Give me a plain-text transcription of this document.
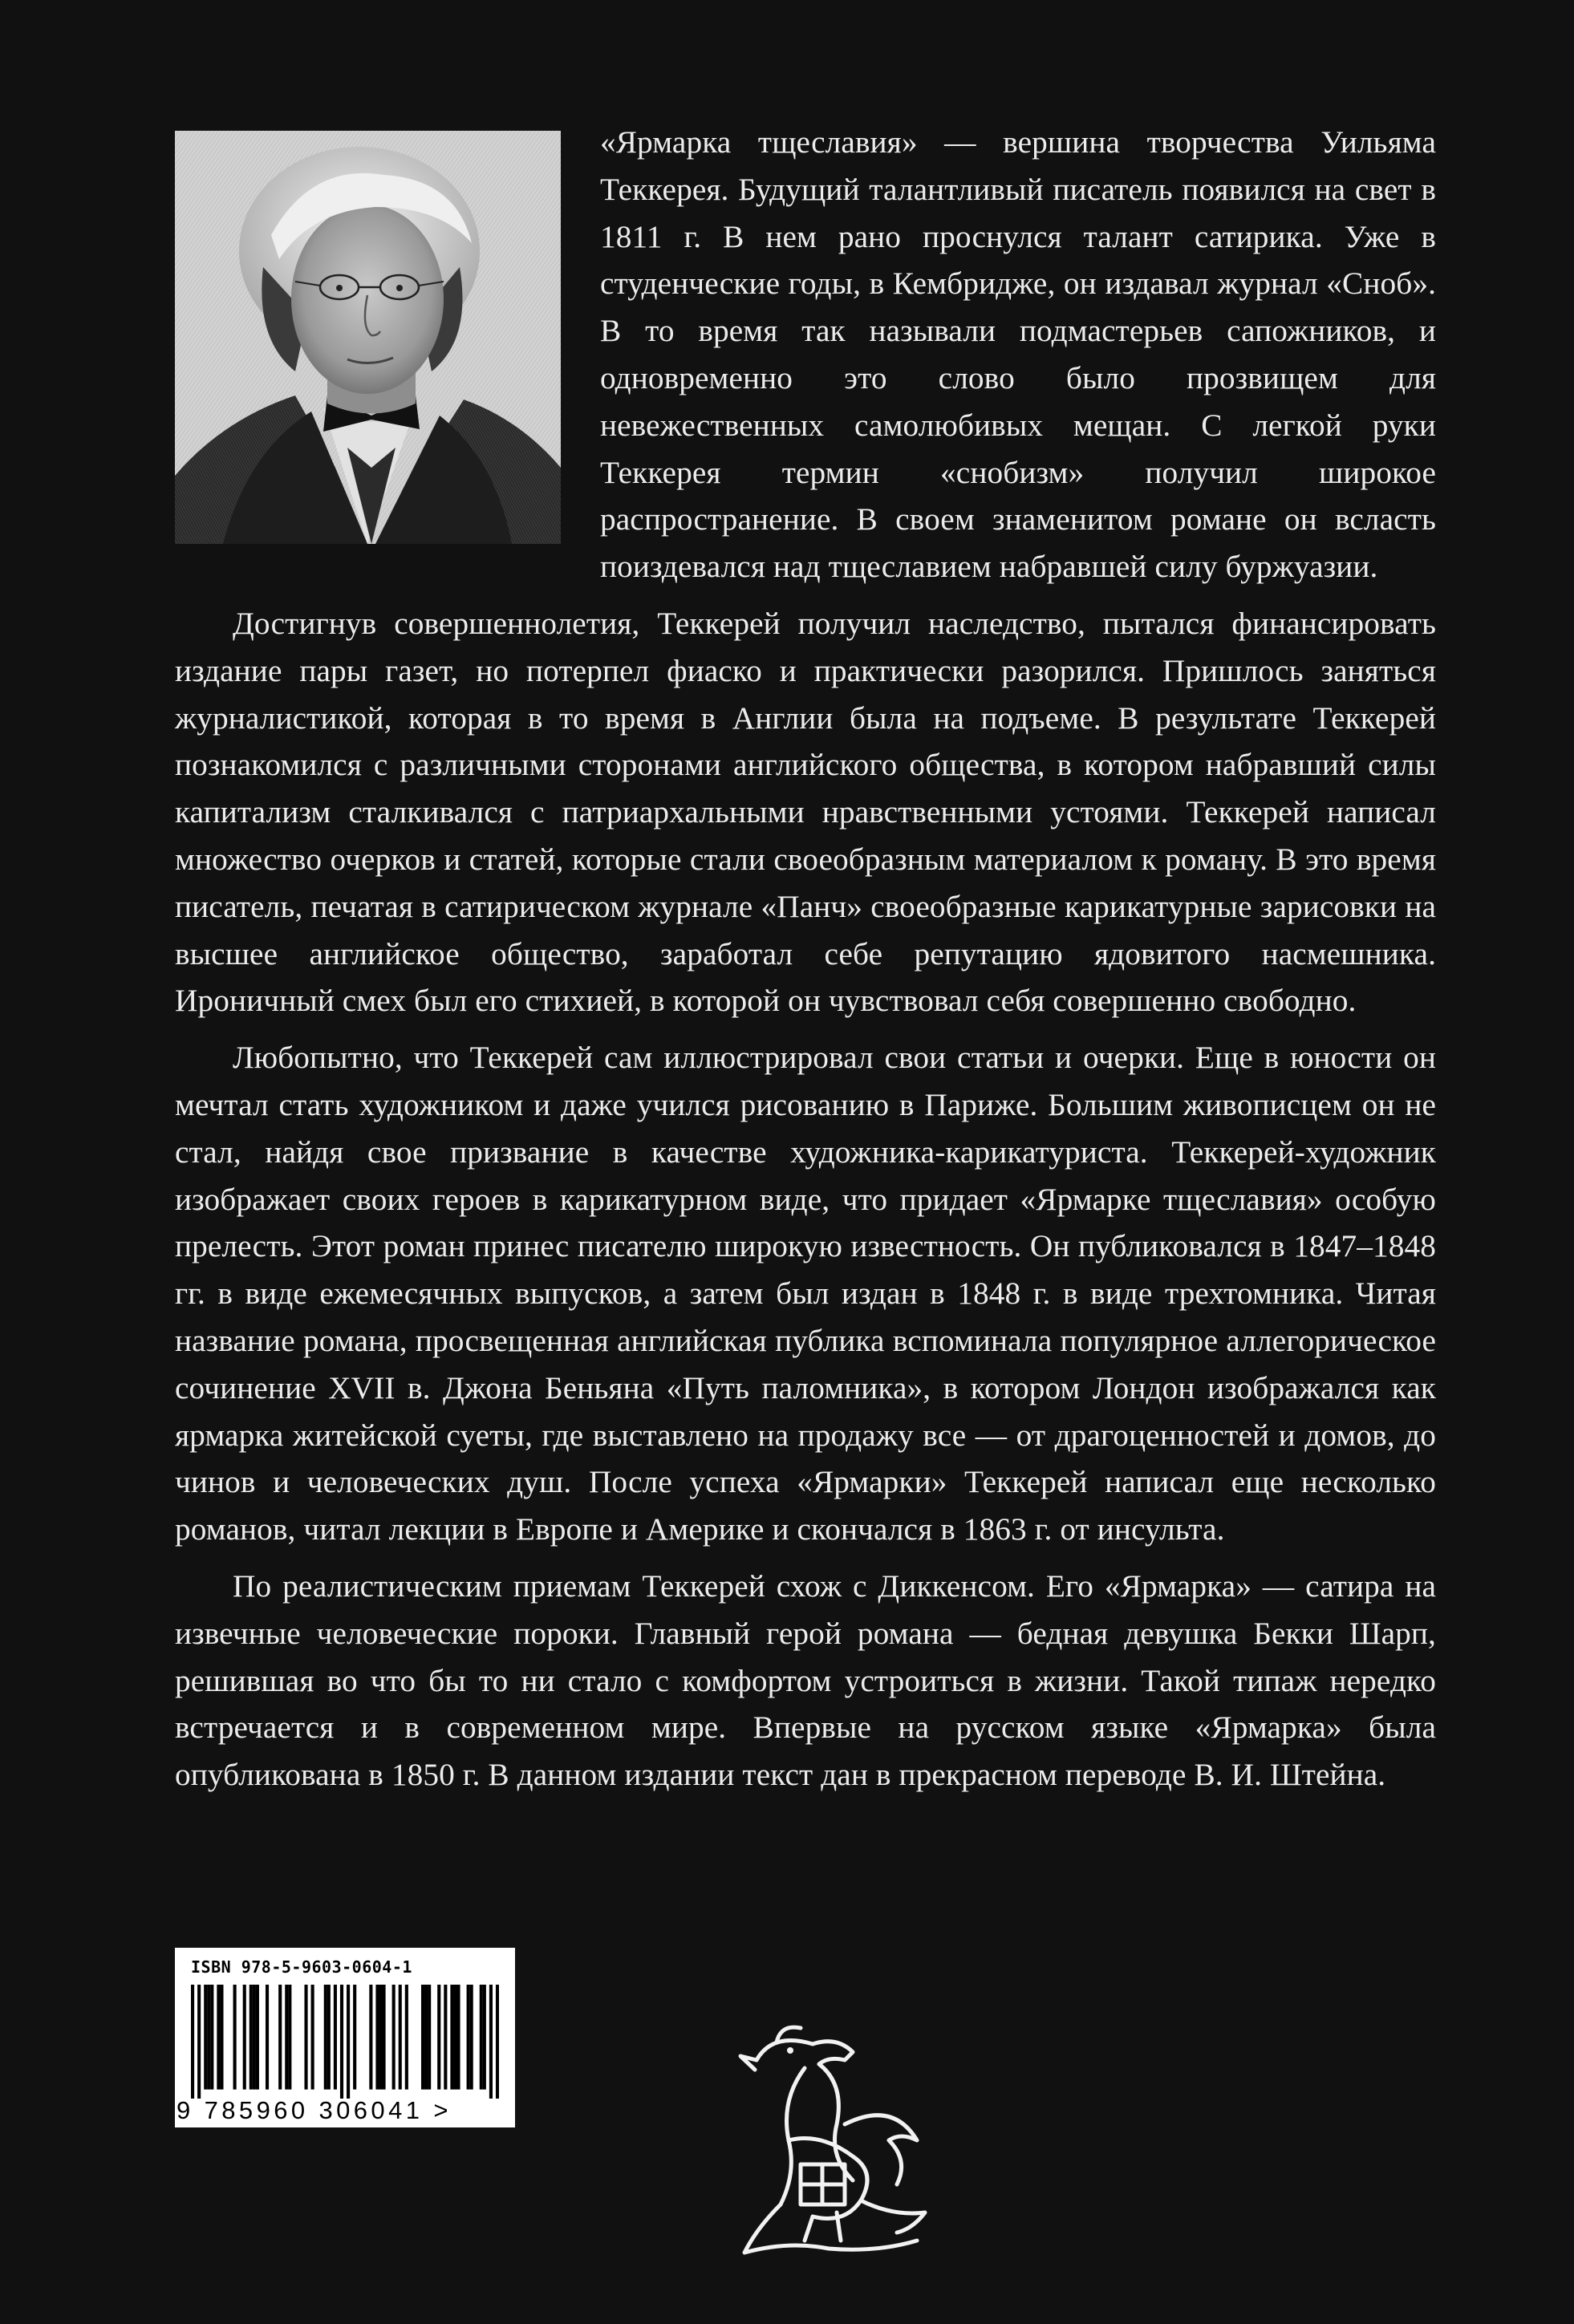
«Ярмарка тщеславия» — вершина творчества Уильяма Теккерея. Будущий талантливый писатель появился на свет в 1811 г. В нем рано проснулся талант сатирика. Уже в студенческие годы, в Кембридже, он издавал журнал «Сноб». В то время так называли подмастерьев сапожников, и одновременно это слово было прозвищем для невежественных самолюбивых мещан. С легкой руки Теккерея термин «снобизм» получил широкое распространение. В своем знаменитом романе он всласть поиздевался над тщеславием набравшей силу буржуазии.

Достигнув совершеннолетия, Теккерей получил наследство, пытался финансировать издание пары газет, но потерпел фиаско и практически разорился. Пришлось заняться журналистикой, которая в то время в Англии была на подъеме. В результате Теккерей познакомился с различными сторонами английского общества, в котором набравший силы капитализм сталкивался с патриархальными нравственными устоями. Теккерей написал множество очерков и статей, которые стали своеобразным материалом к роману. В это время писатель, печатая в сатирическом журнале «Панч» своеобразные карикатурные зарисовки на высшее английское общество, заработал себе репутацию ядовитого насмешника. Ироничный смех был его стихией, в которой он чувствовал себя совершенно свободно.

Любопытно, что Теккерей сам иллюстрировал свои статьи и очерки. Еще в юности он мечтал стать художником и даже учился рисованию в Париже. Большим живописцем он не стал, найдя свое призвание в качестве художника-карикатуриста. Теккерей-художник изображает своих героев в карикатурном виде, что придает «Ярмарке тщеславия» особую прелесть. Этот роман принес писателю широкую известность. Он публиковался в 1847–1848 гг. в виде ежемесячных выпусков, а затем был издан в 1848 г. в виде трехтомника. Читая название романа, просвещенная английская публика вспоминала популярное аллегорическое сочинение XVII в. Джона Беньяна «Путь паломника», в котором Лондон изображался как ярмарка житейской суеты, где выставлено на продажу все — от драгоценностей и домов, до чинов и человеческих душ. После успеха «Ярмарки» Теккерей написал еще несколько романов, читал лекции в Европе и Америке и скончался в 1863 г. от инсульта.

По реалистическим приемам Теккерей схож с Диккенсом. Его «Ярмарка» — сатира на извечные человеческие пороки. Главный герой романа — бедная девушка Бекки Шарп, решившая во что бы то ни стало с комфортом устроиться в жизни. Такой типаж нередко встречается и в современном мире. Впервые на русском языке «Ярмарка» была опубликована в 1850 г. В данном издании текст дан в прекрасном переводе В. И. Штейна.

ISBN 978-5-9603-0604-1
9 785960 306041 >
